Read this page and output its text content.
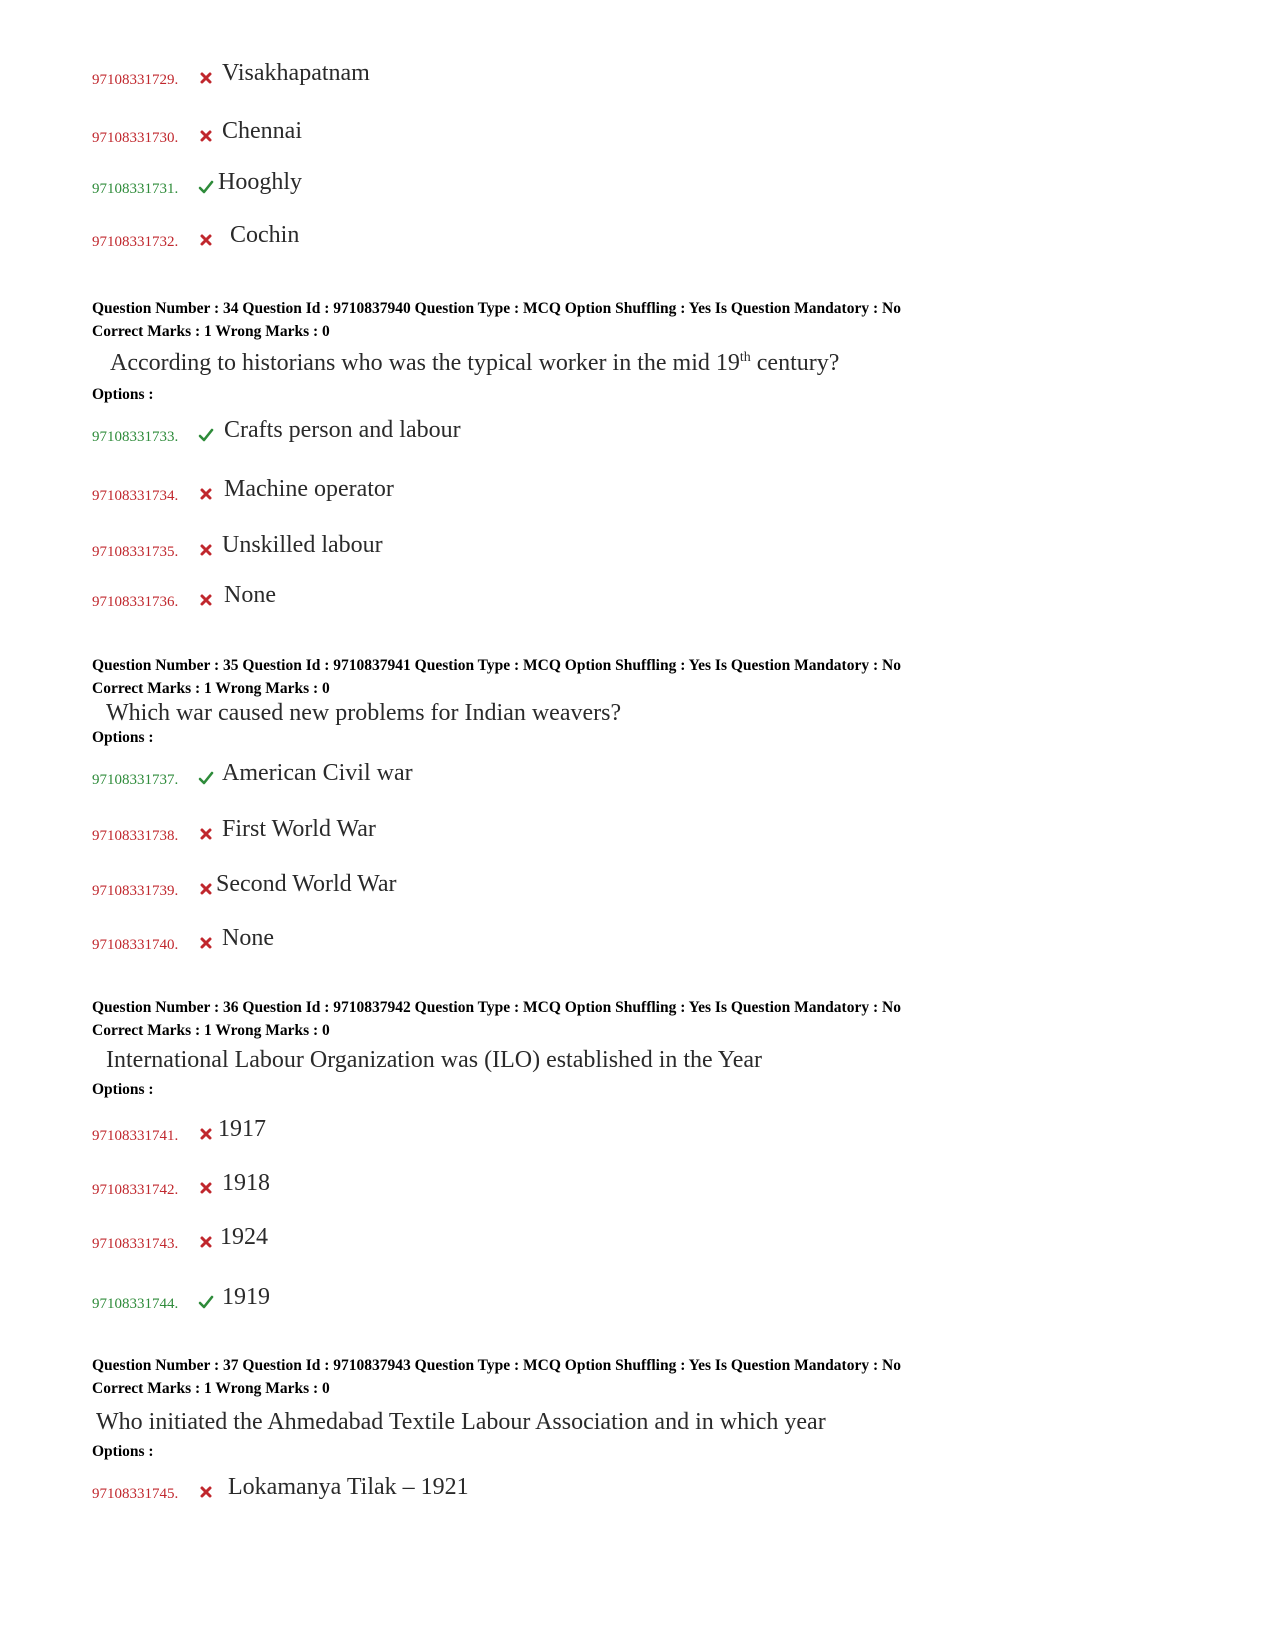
97108331729. Visakhapatnam
97108331730. Chennai
97108331731. Hooghly
97108331732. Cochin
Question Number : 34 Question Id : 9710837940 Question Type : MCQ Option Shuffling : Yes Is Question Mandatory : No
Correct Marks : 1 Wrong Marks : 0
According to historians who was the typical worker in the mid 19th century?
Options :
97108331733. Crafts person and labour
97108331734. Machine operator
97108331735. Unskilled labour
97108331736. None
Question Number : 35 Question Id : 9710837941 Question Type : MCQ Option Shuffling : Yes Is Question Mandatory : No
Correct Marks : 1 Wrong Marks : 0
Which war caused new problems for Indian weavers?
Options :
97108331737. American Civil war
97108331738. First World War
97108331739. Second World War
97108331740. None
Question Number : 36 Question Id : 9710837942 Question Type : MCQ Option Shuffling : Yes Is Question Mandatory : No
Correct Marks : 1 Wrong Marks : 0
International Labour Organization was (ILO) established in the Year
Options :
97108331741. 1917
97108331742. 1918
97108331743. 1924
97108331744. 1919
Question Number : 37 Question Id : 9710837943 Question Type : MCQ Option Shuffling : Yes Is Question Mandatory : No
Correct Marks : 1 Wrong Marks : 0
Who initiated the Ahmedabad Textile Labour Association and in which year
Options :
97108331745. Lokamanya Tilak – 1921
